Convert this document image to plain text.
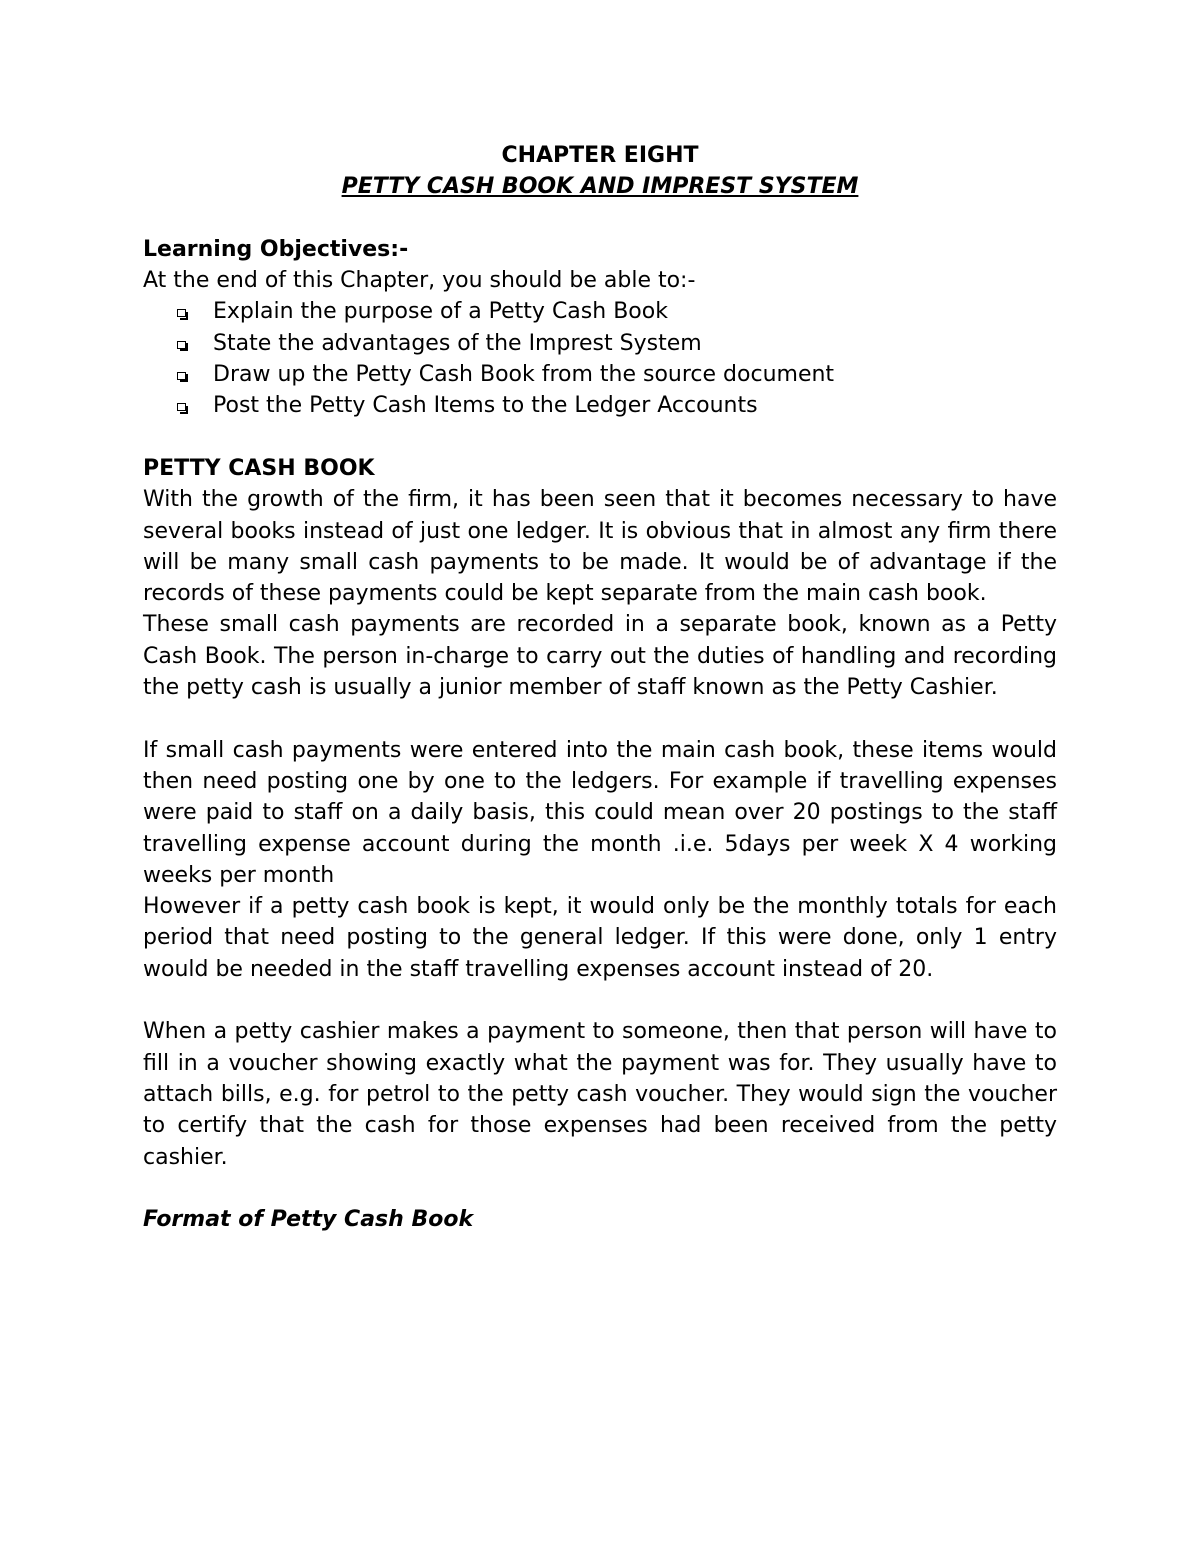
CHAPTER EIGHT

PETTY CASH BOOK AND IMPREST SYSTEM

Learning Objectives:-

At the end of this Chapter, you should be able to:-

Explain the purpose of a Petty Cash Book
State the advantages of the Imprest System
Draw up the Petty Cash Book from the source document
Post the Petty Cash Items to the Ledger Accounts

PETTY CASH BOOK

With the growth of the firm, it has been seen that it becomes necessary to have several books instead of just one ledger. It is obvious that in almost any firm there will be many small cash payments to be made. It would be of advantage if the records of these payments could be kept separate from the main cash book.

These small cash payments are recorded in a separate book, known as a Petty Cash Book. The person in-charge to carry out the duties of handling and recording the petty cash is usually a junior member of staff known as the Petty Cashier.

If small cash payments were entered into the main cash book, these items would then need posting one by one to the ledgers. For example if travelling expenses were paid to staff on a daily basis, this could mean over 20 postings to the staff travelling expense account during the month .i.e. 5days per week X 4 working weeks per month

However if a petty cash book is kept, it would only be the monthly totals for each period that need posting to the general ledger. If this were done, only 1 entry would be needed in the staff travelling expenses account instead of 20.

When a petty cashier makes a payment to someone, then that person will have to fill in a voucher showing exactly what the payment was for. They usually have to attach bills, e.g. for petrol to the petty cash voucher. They would sign the voucher to certify that the cash for those expenses had been received from the petty cashier.

Format of Petty Cash Book
